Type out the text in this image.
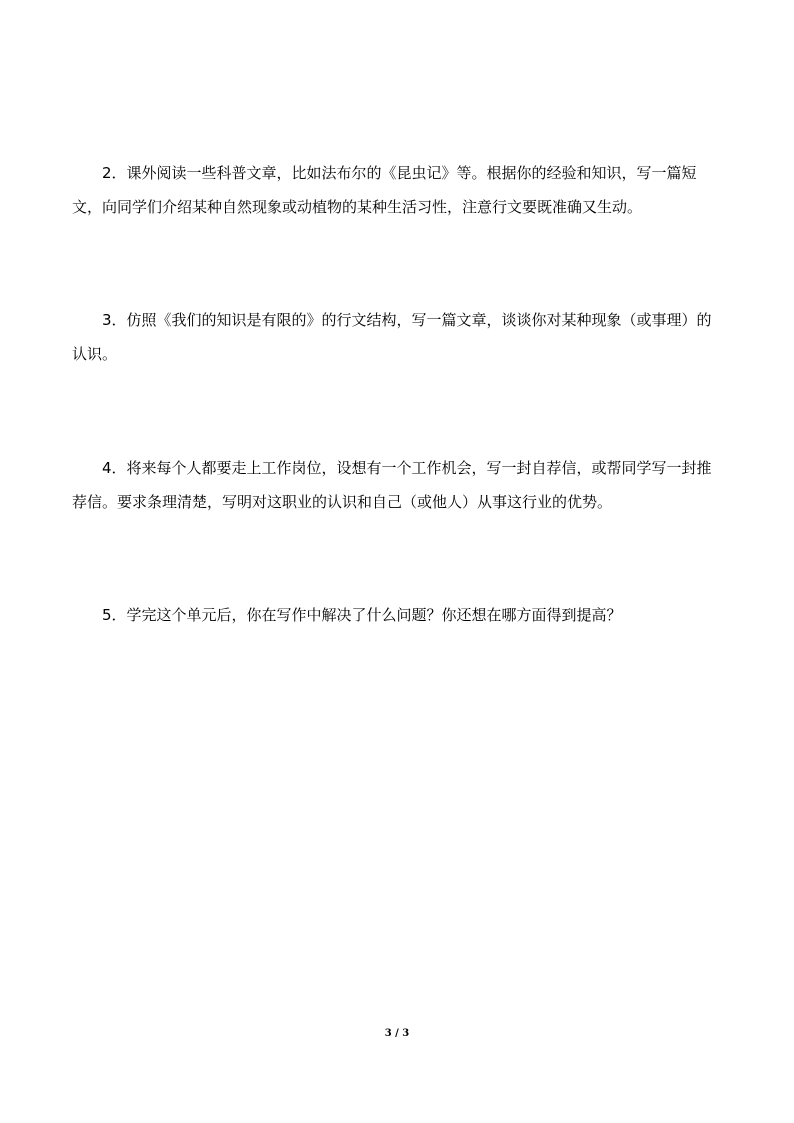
2．课外阅读一些科普文章，比如法布尔的《昆虫记》等。根据你的经验和知识，写一篇短文，向同学们介绍某种自然现象或动植物的某种生活习性，注意行文要既准确又生动。

3．仿照《我们的知识是有限的》的行文结构，写一篇文章，谈谈你对某种现象（或事理）的认识。

4．将来每个人都要走上工作岗位，设想有一个工作机会，写一封自荐信，或帮同学写一封推荐信。要求条理清楚，写明对这职业的认识和自己（或他人）从事这行业的优势。

5．学完这个单元后，你在写作中解决了什么问题？你还想在哪方面得到提高？

3 / 3
